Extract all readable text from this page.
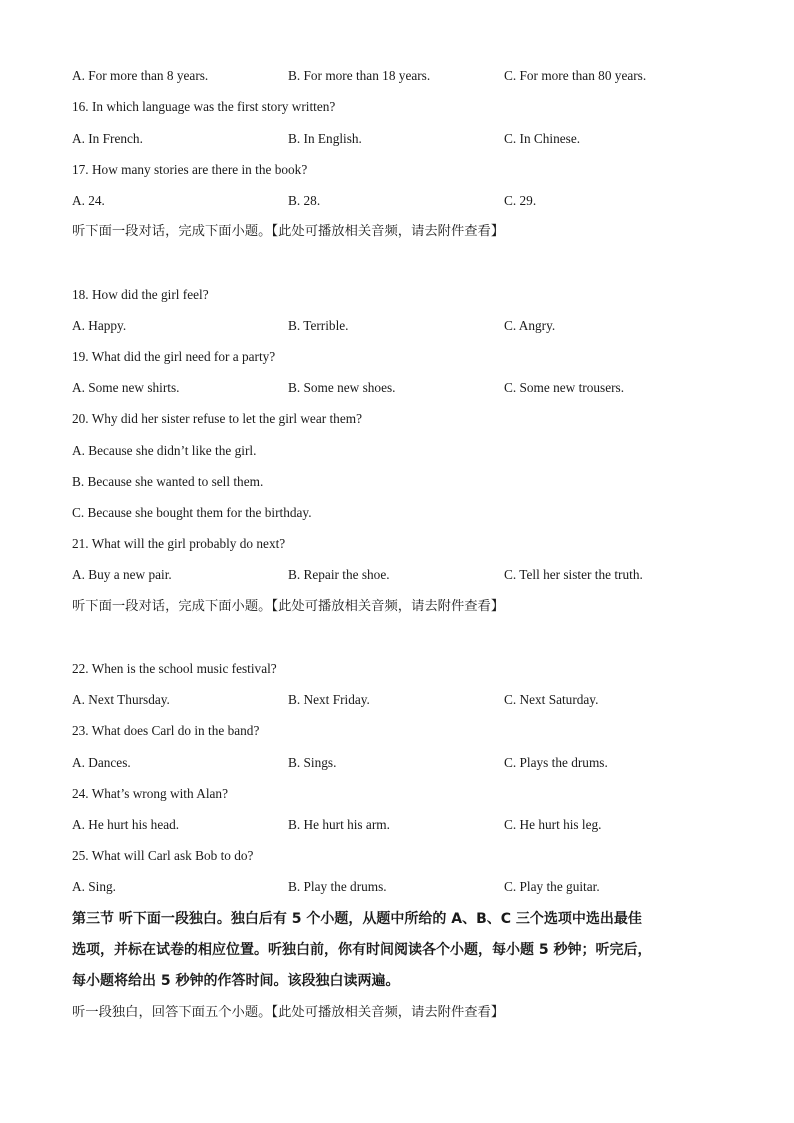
A. For more than 8 years.	B. For more than 18 years.	C. For more than 80 years.
16. In which language was the first story written?
A. In French.	B. In English.	C. In Chinese.
17. How many stories are there in the book?
A. 24.	B. 28.	C. 29.
听下面一段对话，完成下面小题。【此处可播放相关音频，请去附件查看】
18. How did the girl feel?
A. Happy.	B. Terrible.	C. Angry.
19. What did the girl need for a party?
A. Some new shirts.	B. Some new shoes.	C. Some new trousers.
20. Why did her sister refuse to let the girl wear them?
A. Because she didn’t like the girl.
B. Because she wanted to sell them.
C. Because she bought them for the birthday.
21. What will the girl probably do next?
A. Buy a new pair.	B. Repair the shoe.	C. Tell her sister the truth.
听下面一段对话，完成下面小题。【此处可播放相关音频，请去附件查看】
22. When is the school music festival?
A. Next Thursday.	B. Next Friday.	C. Next Saturday.
23. What does Carl do in the band?
A. Dances.	B. Sings.	C. Plays the drums.
24. What’s wrong with Alan?
A. He hurt his head.	B. He hurt his arm.	C. He hurt his leg.
25. What will Carl ask Bob to do?
A. Sing.	B. Play the drums.	C. Play the guitar.
第三节 听下面一段独白。独白后有 5 个小题，从题中所给的 A、B、C 三个选项中选出最佳
选项，并标在试卷的相应位置。听独白前，你有时间阅读各个小题，每小题 5 秒钟；听完后，
每小题将给出 5 秒钟的作答时间。该段独白读两遍。
听一段独白，回答下面五个小题。【此处可播放相关音频，请去附件查看】
